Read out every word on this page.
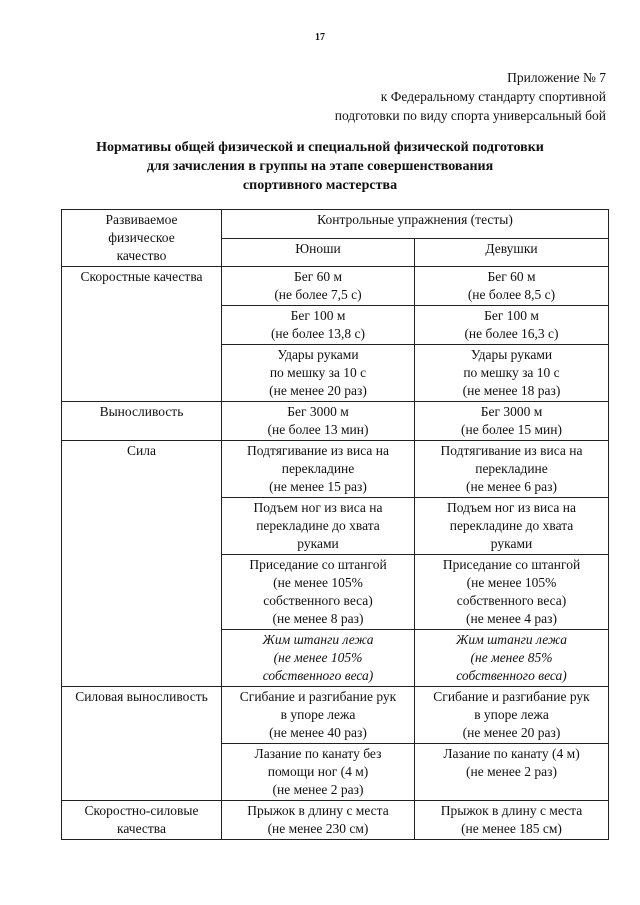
17
Приложение № 7
к Федеральному стандарту спортивной
подготовки по виду спорта универсальный бой
Нормативы общей физической и специальной физической подготовки
для зачисления в группы на этапе совершенствования
спортивного мастерства
Развиваемое
физическое
качество	Контрольные упражнения (тесты)	
	Юноши	Девушки

Скоростные качества	Бег 60 м
(не более 7,5 с)	Бег 60 м
(не более 8,5 с)

	Бег 100 м
(не более 13,8 с)	Бег 100 м
(не более 16,3 с)

	Удары руками
по мешку за 10 с
(не менее 20 раз)	Удары руками
по мешку за 10 с
(не менее 18 раз)

Выносливость	Бег 3000 м
(не более 13 мин)	Бег 3000 м
(не более 15 мин)

Сила	Подтягивание из виса на
перекладине
(не менее 15 раз)	Подтягивание из виса на
перекладине
(не менее 6 раз)

	Подъем ног из виса на
перекладине до хвата
руками	Подъем ног из виса на
перекладине до хвата
руками

	Приседание со штангой
(не менее 105%
собственного веса)
(не менее 8 раз)	Приседание со штангой
(не менее 105%
собственного веса)
(не менее 4 раз)

	Жим штанги лежа
(не менее 105%
собственного веса)	Жим штанги лежа
(не менее 85%
собственного веса)

Силовая выносливость	Сгибание и разгибание рук
в упоре лежа
(не менее 40 раз)	Сгибание и разгибание рук
в упоре лежа
(не менее 20 раз)

	Лазание по канату без
помощи ног (4 м)
(не менее 2 раз)	Лазание по канату (4 м)
(не менее 2 раз)

Скоростно-силовые
качества	Прыжок в длину с места
(не менее 230 см)	Прыжок в длину с места
(не менее 185 см)
